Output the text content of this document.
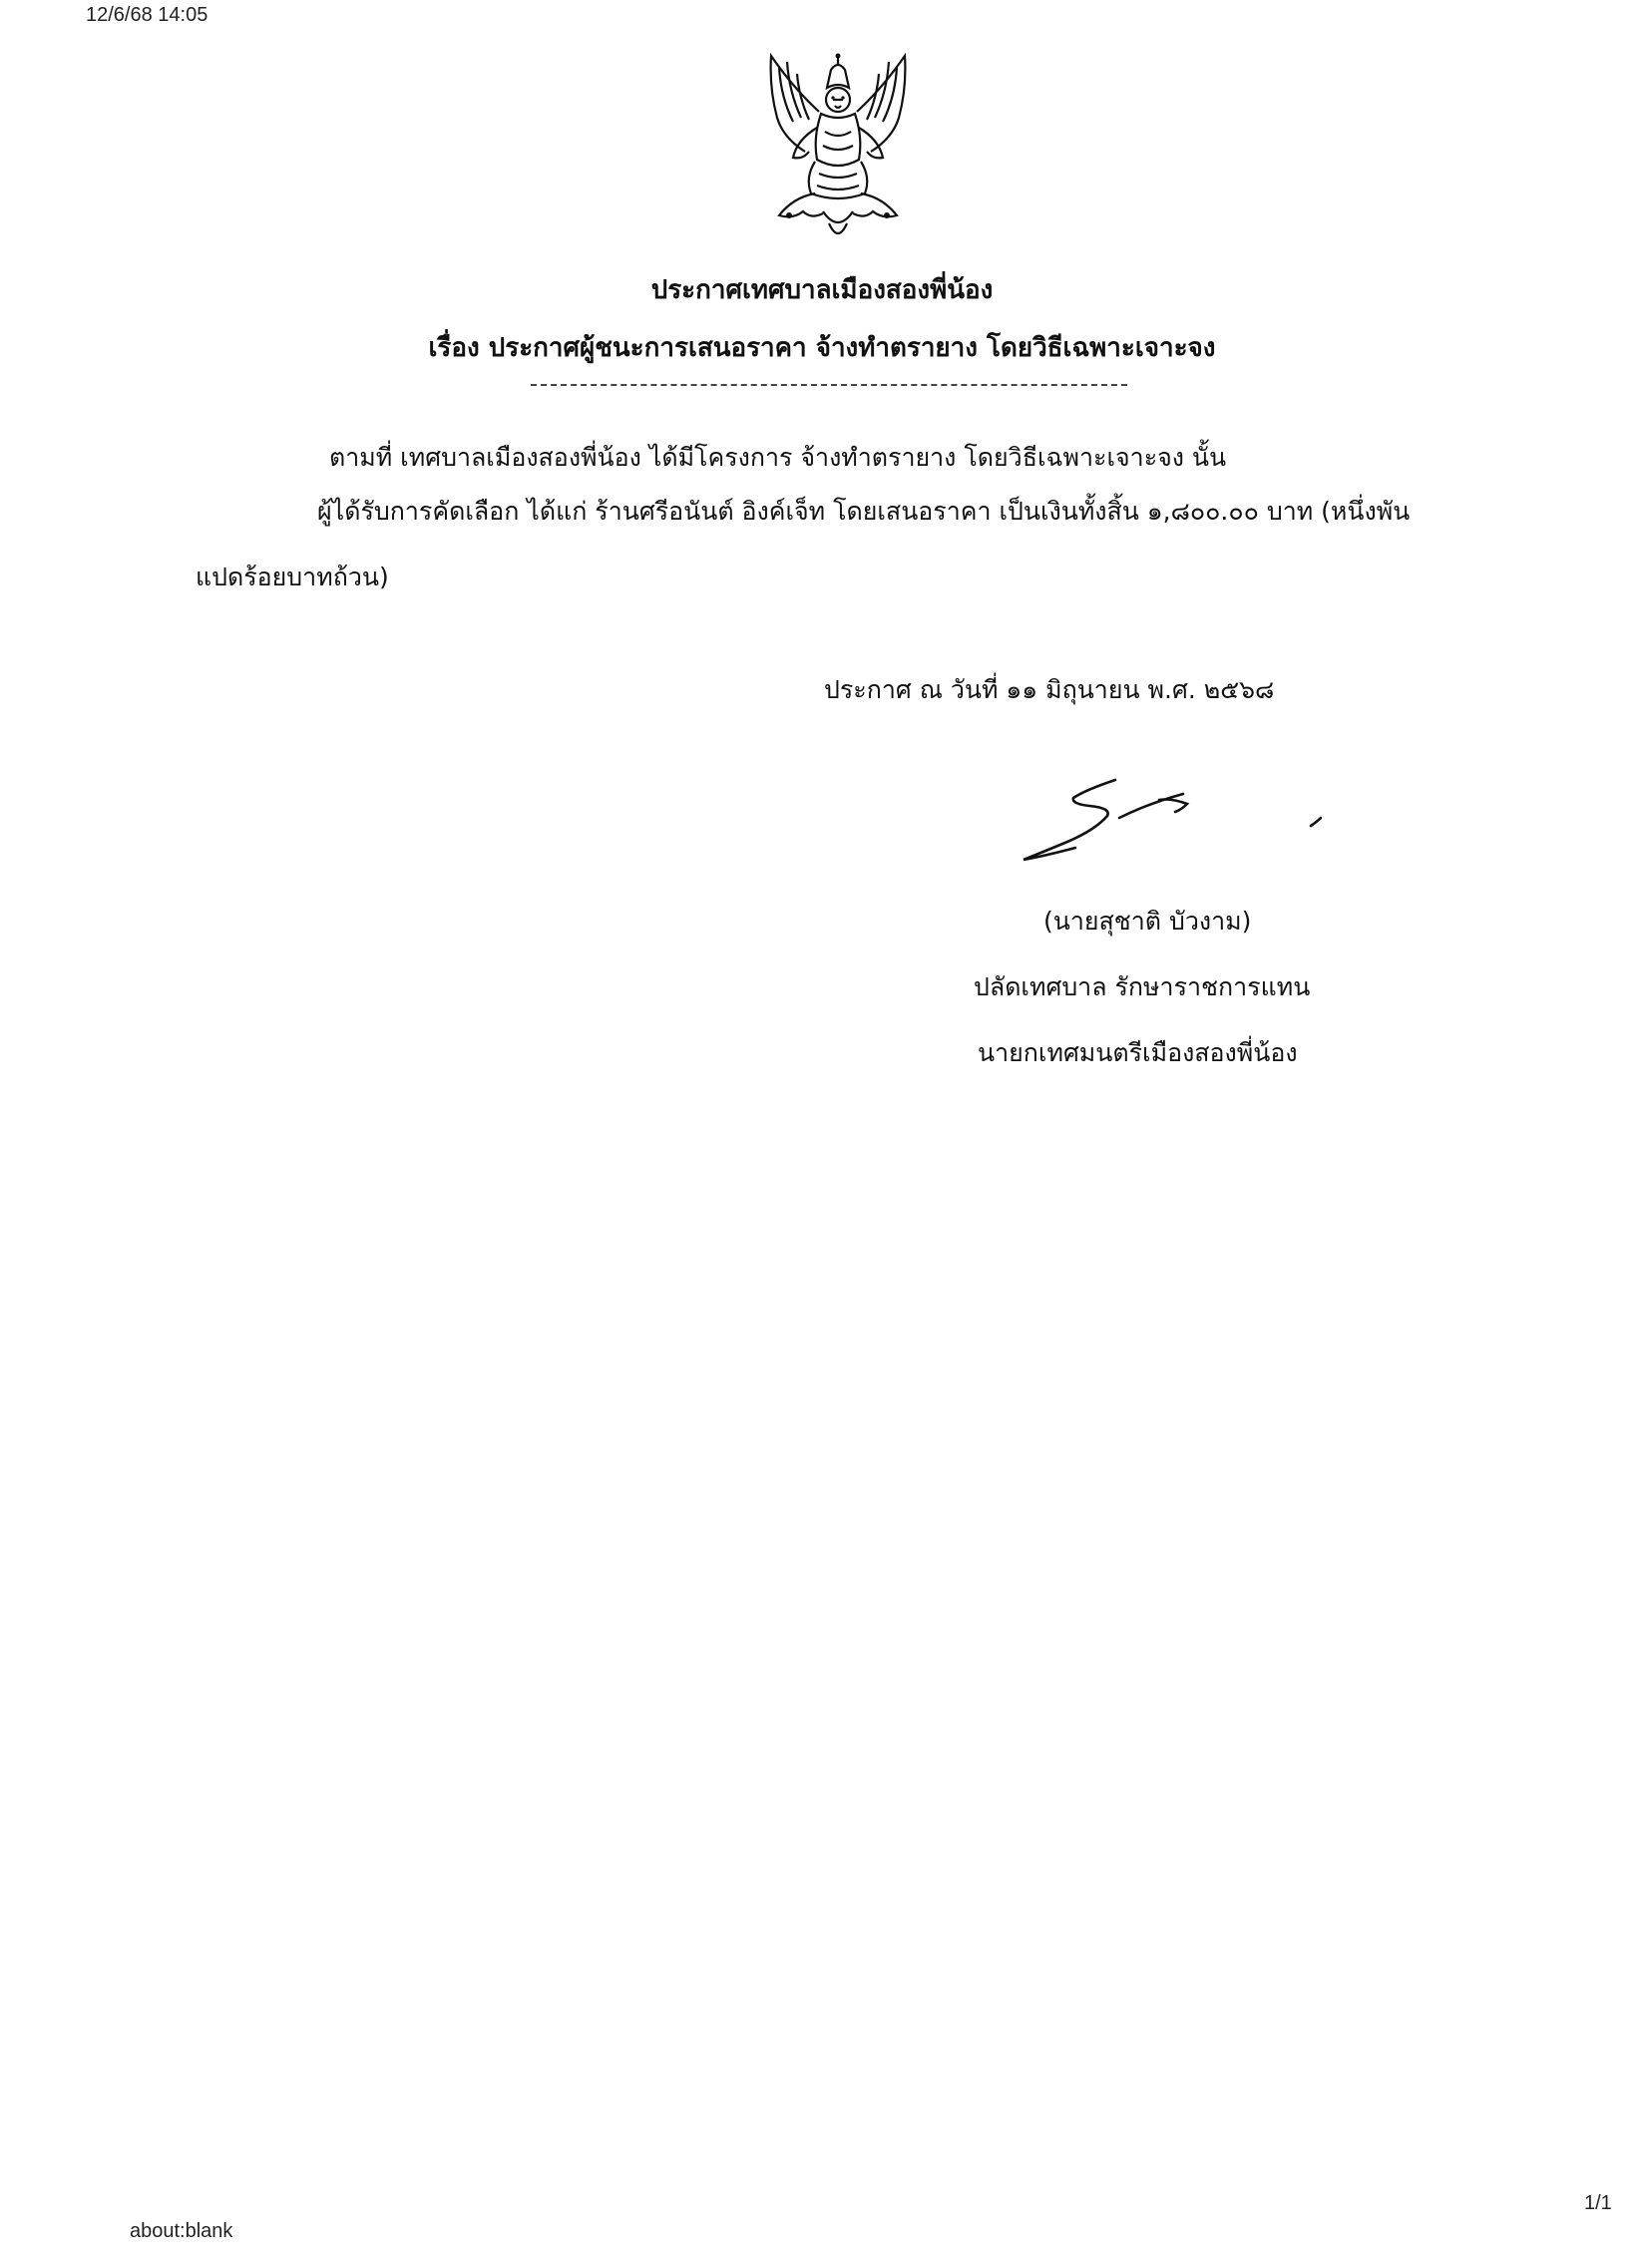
12/6/68 14:05
ประกาศเทศบาลเมืองสองพี่น้อง
เรื่อง ประกาศผู้ชนะการเสนอราคา จ้างทำตรายาง โดยวิธีเฉพาะเจาะจง
ตามที่ เทศบาลเมืองสองพี่น้อง ได้มีโครงการ จ้างทำตรายาง โดยวิธีเฉพาะเจาะจง นั้น
ผู้ได้รับการคัดเลือก ได้แก่ ร้านศรีอนันต์ อิงค์เจ็ท โดยเสนอราคา เป็นเงินทั้งสิ้น ๑,๘๐๐.๐๐ บาท (หนึ่งพัน
แปดร้อยบาทถ้วน)
ประกาศ ณ วันที่ ๑๑ มิถุนายน พ.ศ. ๒๕๖๘
(นายสุชาติ บัวงาม)
ปลัดเทศบาล รักษาราชการแทน
นายกเทศมนตรีเมืองสองพี่น้อง
1/1
about:blank
